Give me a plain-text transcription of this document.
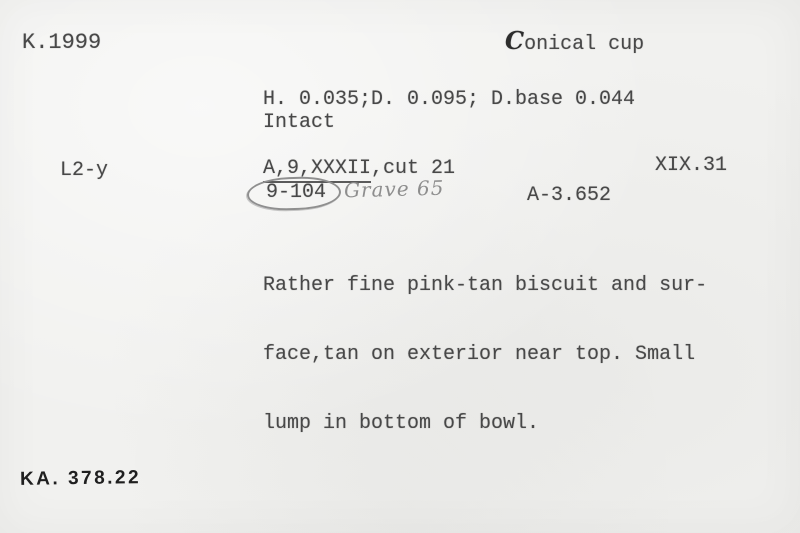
K.1999	Conical cup
H. 0.035;D. 0.095; D.base 0.044
Intact
L2-y	A,9,XXXII,cut 21	XIX.31
9-104 Grave 65	A-3.652

Rather fine pink-tan biscuit and sur-

face,tan on exterior near top. Small

lump in bottom of bowl.

KA. 378.22
